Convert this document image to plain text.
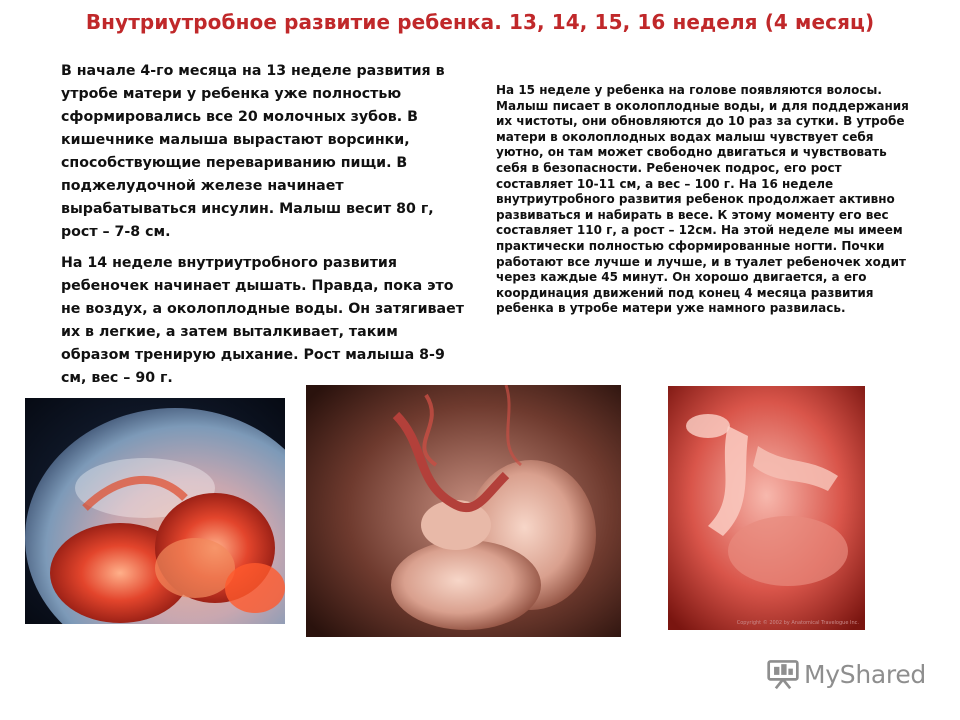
Внутриутробное развитие ребенка. 13, 14, 15, 16 неделя (4 месяц)

В начале 4-го месяца на 13 неделе развития в утробе матери у ребенка уже полностью сформировались все 20 молочных зубов. В кишечнике малыша вырастают ворсинки, способствующие перевариванию пищи. В поджелудочной железе начинает вырабатываться инсулин. Малыш весит 80 г, рост – 7-8 см.

На 14 неделе внутриутробного развития ребеночек начинает дышать. Правда, пока это не воздух, а околоплодные воды. Он затягивает их в легкие, а затем выталкивает, таким образом тренирую дыхание. Рост малыша 8-9 см, вес – 90 г.

На 15 неделе у ребенка на голове появляются волосы. Малыш писает в околоплодные воды, и для поддержания их чистоты, они обновляются до 10 раз за сутки. В утробе матери в околоплодных водах малыш чувствует себя уютно, он там может свободно двигаться и чувствовать себя в безопасности. Ребеночек подрос, его рост составляет 10-11 см, а вес – 100 г. На 16 неделе внутриутробного развития ребенок продолжает активно развиваться и набирать в весе. К этому моменту его вес составляет 110 г, а рост – 12см. На этой неделе мы имеем практически полностью сформированные ногти. Почки работают все лучше и лучше, и в туалет ребеночек ходит через каждые 45 минут. Он хорошо двигается, а его координация движений под конец 4 месяца развития ребенка в утробе матери уже намного развилась.
Copyright © 2002 by Anatomical Travelogue Inc.
MyShared
